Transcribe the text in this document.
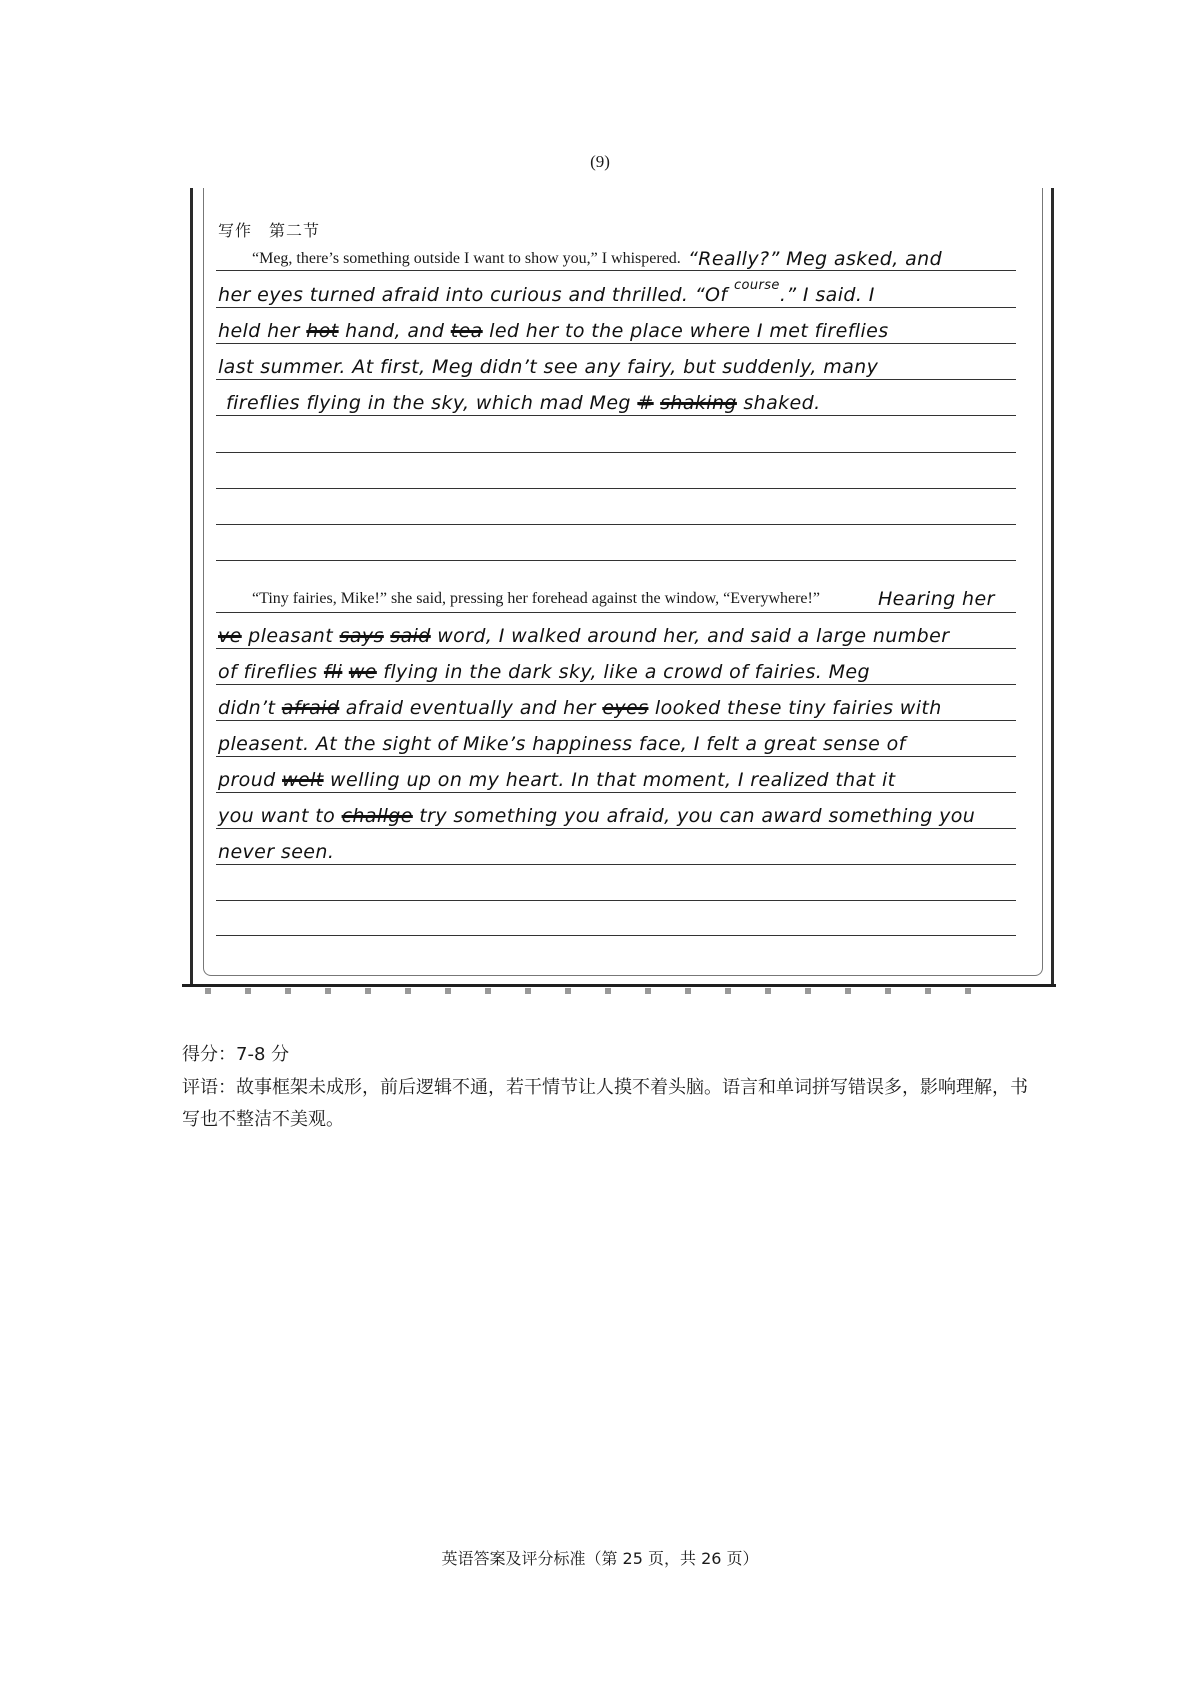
(9)
写作　第二节
“Meg, there’s something outside I want to show you,” I whispered. “Really?” Meg asked, and
her eyes turned afraid into curious and thrilled. “Of $^{course}$.” I said. I
held her hot hand, and tea led her to the place where I met fireflies
last summer. At first, Meg didn’t see any fairy, but suddenly, many
fireflies flying in the sky, which mad Meg # shaking shaked.
“Tiny fairies, Mike!” she said, pressing her forehead against the window, “Everywhere!”	Hearing her
ve pleasant says said word, I walked around her, and said a large number
of fireflies fli we flying in the dark sky, like a crowd of fairies. Meg
didn’t afraid afraid eventually and her eyes looked these tiny fairies with
pleasent. At the sight of Mike’s happiness face, I felt a great sense of
proud welt welling up on my heart. In that moment, I realized that it
you want to challge try something you afraid, you can award something you
never seen.
得分：7-8 分
评语：故事框架未成形，前后逻辑不通，若干情节让人摸不着头脑。语言和单词拼写错误多，影响理解，书写也不整洁不美观。
英语答案及评分标准（第 25 页，共 26 页）
